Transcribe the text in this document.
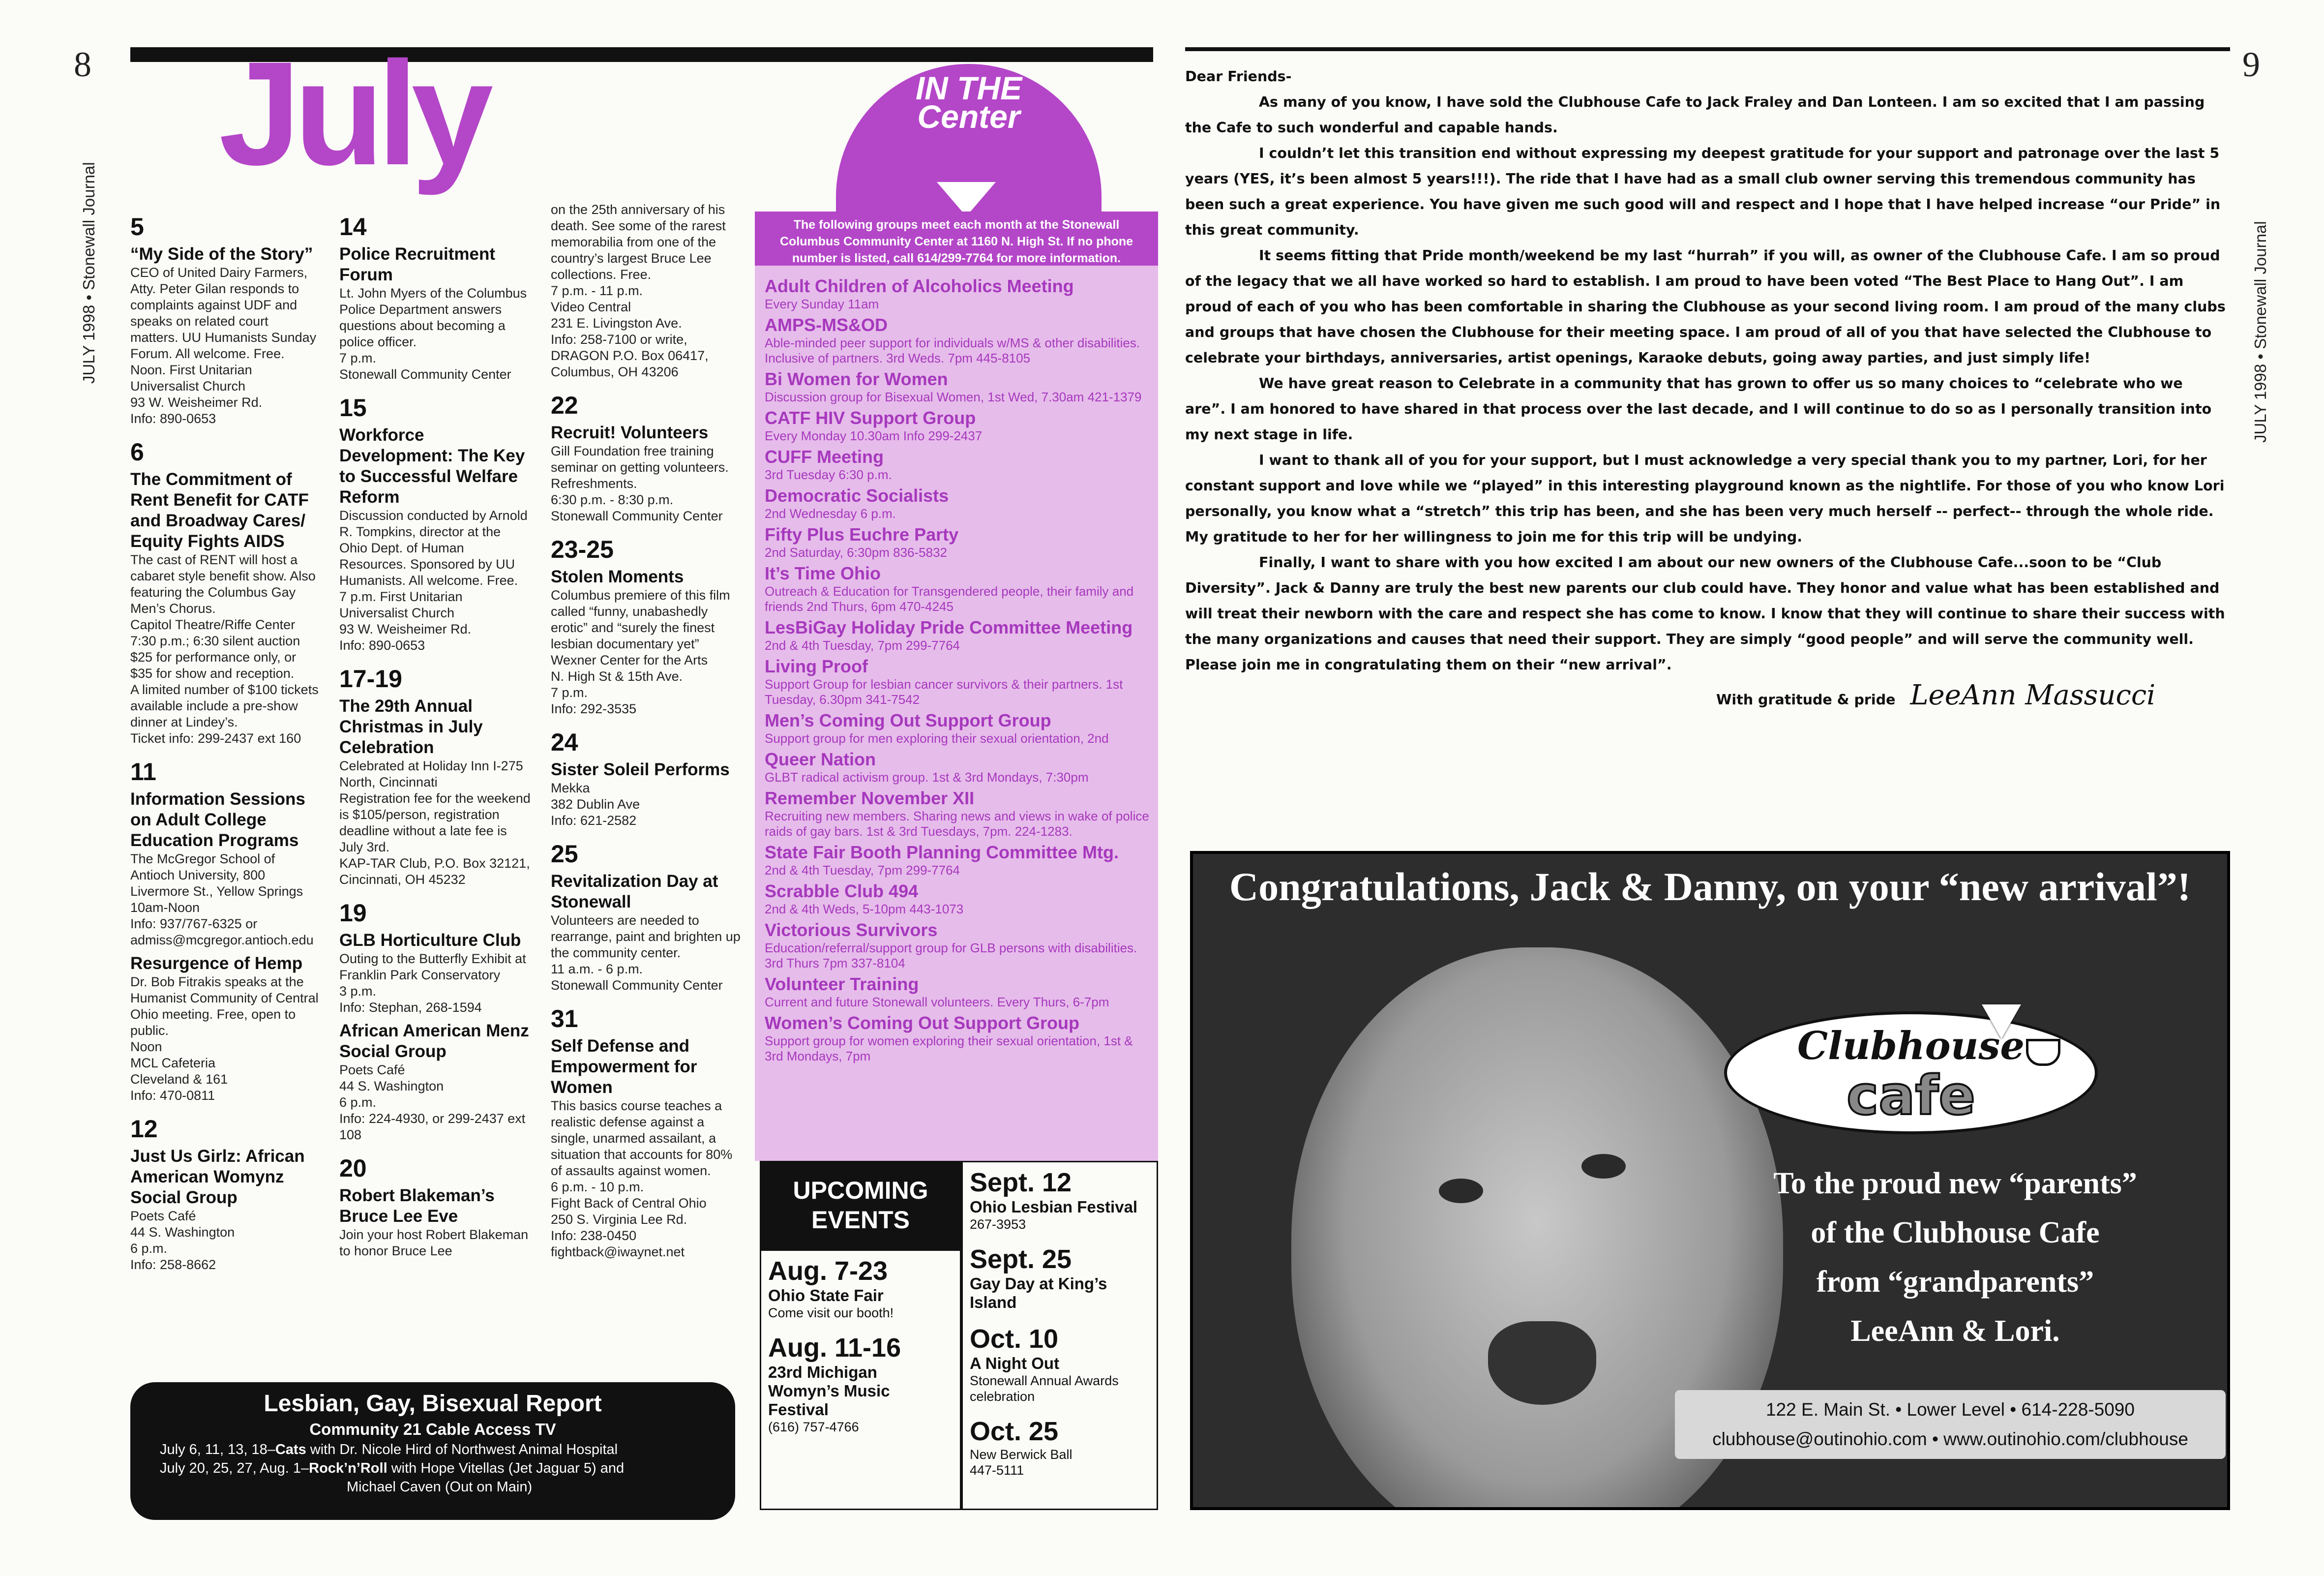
8
JULY 1998 • Stonewall Journal
July
5
“My Side of the Story”
CEO of United Dairy Farmers, Atty. Peter Gilan responds to complaints against UDF and speaks on related court matters. UU Humanists Sunday Forum. All welcome. Free. Noon. First Unitarian Universalist Church
93 W. Weisheimer Rd.
Info: 890-0653
6
The Commitment of Rent Benefit for CATF and Broadway Cares/ Equity Fights AIDS
The cast of RENT will host a cabaret style benefit show. Also featuring the Columbus Gay Men’s Chorus.
Capitol Theatre/Riffe Center
7:30 p.m.; 6:30 silent auction
$25 for performance only, or $35 for show and reception.
A limited number of $100 tickets available include a pre-show dinner at Lindey’s.
Ticket info: 299-2437 ext 160
11
Information Sessions on Adult College Education Programs
The McGregor School of Antioch University, 800 Livermore St., Yellow Springs
10am-Noon
Info: 937/767-6325 or
admiss@mcgregor.antioch.edu
Resurgence of Hemp
Dr. Bob Fitrakis speaks at the Humanist Community of Central Ohio meeting. Free, open to public.
Noon
MCL Cafeteria
Cleveland & 161
Info: 470-0811
12
Just Us Girlz: African American Womynz Social Group
Poets Café
44 S. Washington
6 p.m.
Info: 258-8662
14
Police Recruitment Forum
Lt. John Myers of the Columbus Police Department answers questions about becoming a police officer.
7 p.m.
Stonewall Community Center
15
Workforce Development: The Key to Successful Welfare Reform
Discussion conducted by Arnold R. Tompkins, director at the Ohio Dept. of Human Resources. Sponsored by UU Humanists. All welcome. Free.
7 p.m. First Unitarian Universalist Church
93 W. Weisheimer Rd.
Info: 890-0653
17-19
The 29th Annual Christmas in July Celebration
Celebrated at Holiday Inn I-275 North, Cincinnati
Registration fee for the weekend is $105/person, registration deadline without a late fee is July 3rd.
KAP-TAR Club, P.O. Box 32121, Cincinnati, OH 45232
19
GLB Horticulture Club
Outing to the Butterfly Exhibit at Franklin Park Conservatory
3 p.m.
Info: Stephan, 268-1594
African American Menz Social Group
Poets Café
44 S. Washington
6 p.m.
Info: 224-4930, or 299-2437 ext 108
20
Robert Blakeman’s Bruce Lee Eve
Join your host Robert Blakeman to honor Bruce Lee
on the 25th anniversary of his death. See some of the rarest memorabilia from one of the country’s largest Bruce Lee collections. Free.
7 p.m. - 11 p.m.
Video Central
231 E. Livingston Ave.
Info: 258-7100 or write, DRAGON P.O. Box 06417, Columbus, OH 43206
22
Recruit! Volunteers
Gill Foundation free training seminar on getting volunteers. Refreshments.
6:30 p.m. - 8:30 p.m.
Stonewall Community Center
23-25
Stolen Moments
Columbus premiere of this film called “funny, unabashedly erotic” and “surely the finest lesbian documentary yet”
Wexner Center for the Arts
N. High St & 15th Ave.
7 p.m.
Info: 292-3535
24
Sister Soleil Performs
Mekka
382 Dublin Ave
Info: 621-2582
25
Revitalization Day at Stonewall
Volunteers are needed to rearrange, paint and brighten up the community center.
11 a.m. - 6 p.m.
Stonewall Community Center
31
Self Defense and Empowerment for Women
This basics course teaches a realistic defense against a single, unarmed assailant, a situation that accounts for 80% of assaults against women.
6 p.m. - 10 p.m.
Fight Back of Central Ohio
250 S. Virginia Lee Rd.
Info: 238-0450
fightback@iwaynet.net
IN THE Center
The following groups meet each month at the Stonewall Columbus Community Center at 1160 N. High St. If no phone number is listed, call 614/299-7764 for more information.
Adult Children of Alcoholics Meeting
Every Sunday 11am
AMPS-MS&OD
Able-minded peer support for individuals w/MS & other disabilities. Inclusive of partners. 3rd Weds. 7pm 445-8105
Bi Women for Women
Discussion group for Bisexual Women, 1st Wed, 7.30am 421-1379
CATF HIV Support Group
Every Monday 10.30am Info 299-2437
CUFF Meeting
3rd Tuesday 6:30 p.m.
Democratic Socialists
2nd Wednesday 6 p.m.
Fifty Plus Euchre Party
2nd Saturday, 6:30pm 836-5832
It’s Time Ohio
Outreach & Education for Transgendered people, their family and friends 2nd Thurs, 6pm 470-4245
LesBiGay Holiday Pride Committee Meeting
2nd & 4th Tuesday, 7pm 299-7764
Living Proof
Support Group for lesbian cancer survivors & their partners. 1st Tuesday, 6.30pm 341-7542
Men’s Coming Out Support Group
Support group for men exploring their sexual orientation, 2nd
Queer Nation
GLBT radical activism group. 1st & 3rd Mondays, 7:30pm
Remember November XII
Recruiting new members. Sharing news and views in wake of police raids of gay bars. 1st & 3rd Tuesdays, 7pm. 224-1283.
State Fair Booth Planning Committee Mtg.
2nd & 4th Tuesday, 7pm 299-7764
Scrabble Club 494
2nd & 4th Weds, 5-10pm 443-1073
Victorious Survivors
Education/referral/support group for GLB persons with disabilities. 3rd Thurs 7pm 337-8104
Volunteer Training
Current and future Stonewall volunteers. Every Thurs, 6-7pm
Women’s Coming Out Support Group
Support group for women exploring their sexual orientation, 1st & 3rd Mondays, 7pm
UPCOMING
EVENTS
Aug. 7-23
Ohio State Fair
Come visit our booth!
Aug. 11-16
23rd Michigan
Womyn’s Music
Festival
(616) 757-4766
Sept. 12
Ohio Lesbian Festival
267-3953
Sept. 25
Gay Day at King’s
Island
Oct. 10
A Night Out
Stonewall Annual Awards celebration
Oct. 25
New Berwick Ball
447-5111
Lesbian, Gay, Bisexual Report
Community 21 Cable Access TV
July 6, 11, 13, 18–Cats with Dr. Nicole Hird of Northwest Animal Hospital
July 20, 25, 27, Aug. 1–Rock’n’Roll with Hope Vitellas (Jet Jaguar 5) and
Michael Caven (Out on Main)
9
JULY 1998 • Stonewall Journal

Dear Friends-

As many of you know, I have sold the Clubhouse Cafe to Jack Fraley and Dan Lonteen. I am so excited that I am passing the Cafe to such wonderful and capable hands.

I couldn’t let this transition end without expressing my deepest gratitude for your support and patronage over the last 5 years (YES, it’s been almost 5 years!!!). The ride that I have had as a small club owner serving this tremendous community has been such a great experience. You have given me such good will and respect and I hope that I have helped increase “our Pride” in this great community.

It seems fitting that Pride month/weekend be my last “hurrah” if you will, as owner of the Clubhouse Cafe. I am so proud of the legacy that we all have worked so hard to establish. I am proud to have been voted “The Best Place to Hang Out”. I am proud of each of you who has been comfortable in sharing the Clubhouse as your second living room. I am proud of the many clubs and groups that have chosen the Clubhouse for their meeting space. I am proud of all of you that have selected the Clubhouse to celebrate your birthdays, anniversaries, artist openings, Karaoke debuts, going away parties, and just simply life!

We have great reason to Celebrate in a community that has grown to offer us so many choices to “celebrate who we are”. I am honored to have shared in that process over the last decade, and I will continue to do so as I personally transition into my next stage in life.

I want to thank all of you for your support, but I must acknowledge a very special thank you to my partner, Lori, for her constant support and love while we “played” in this interesting playground known as the nightlife. For those of you who know Lori personally, you know what a “stretch” this trip has been, and she has been very much herself -- perfect-- through the whole ride. My gratitude to her for her willingness to join me for this trip will be undying.

Finally, I want to share with you how excited I am about our new owners of the Clubhouse Cafe...soon to be “Club Diversity”. Jack & Danny are truly the best new parents our club could have. They honor and value what has been established and will treat their newborn with the care and respect she has come to know. I know that they will continue to share their success with the many organizations and causes that need their support. They are simply “good people” and will serve the community well. Please join me in congratulating them on their “new arrival”.

With gratitude & pride LeeAnn Massucci
Congratulations, Jack & Danny, on your “new arrival”!
Clubhouse
cafe
To the proud new “parents”
of the Clubhouse Cafe
from “grandparents”
LeeAnn & Lori.
122 E. Main St. • Lower Level • 614-228-5090
clubhouse@outinohio.com • www.outinohio.com/clubhouse
